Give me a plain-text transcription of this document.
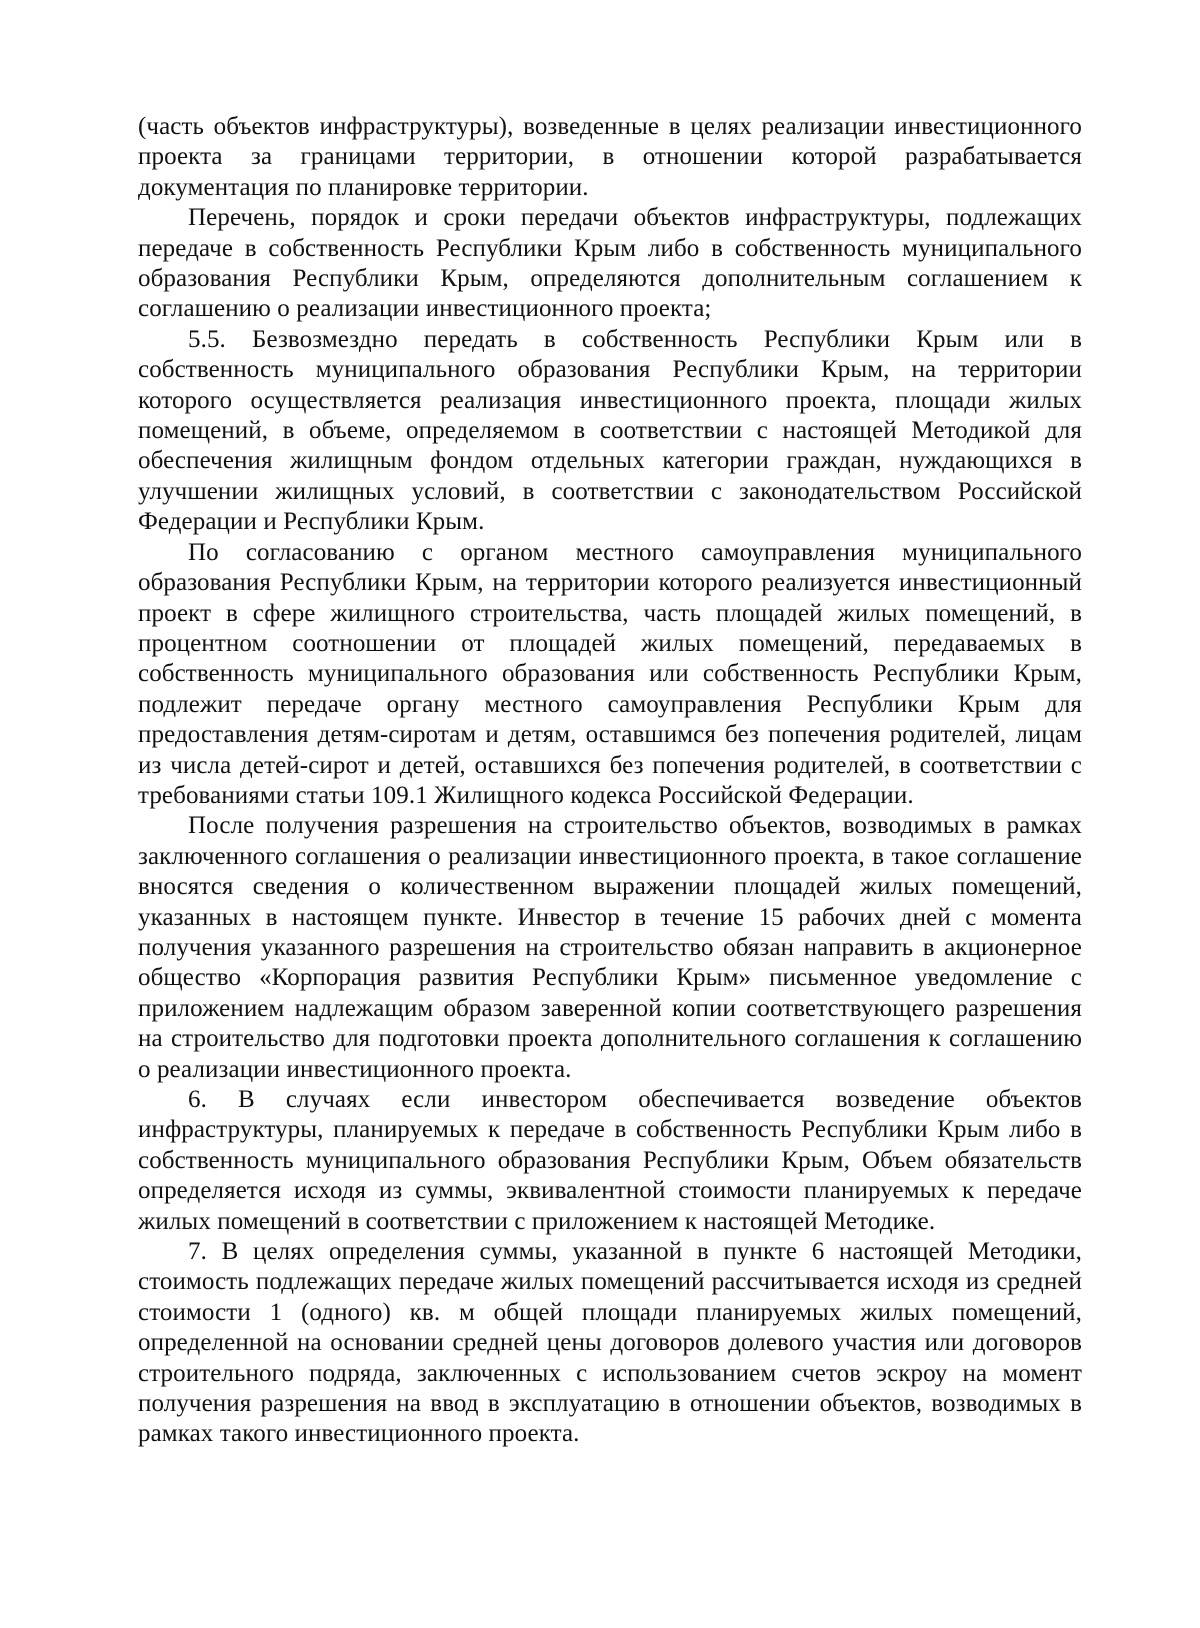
(часть объектов инфраструктуры), возведенные в целях реализации инвестиционного проекта за границами территории, в отношении которой разрабатывается документация по планировке территории.

Перечень, порядок и сроки передачи объектов инфраструктуры, подлежащих передаче в собственность Республики Крым либо в собственность муниципального образования Республики Крым, определяются дополнительным соглашением к соглашению о реализации инвестиционного проекта;

5.5. Безвозмездно передать в собственность Республики Крым или в собственность муниципального образования Республики Крым, на территории которого осуществляется реализация инвестиционного проекта, площади жилых помещений, в объеме, определяемом в соответствии с настоящей Методикой для обеспечения жилищным фондом отдельных категории граждан, нуждающихся в улучшении жилищных условий, в соответствии с законодательством Российской Федерации и Республики Крым.

По согласованию с органом местного самоуправления муниципального образования Республики Крым, на территории которого реализуется инвестиционный проект в сфере жилищного строительства, часть площадей жилых помещений, в процентном соотношении от площадей жилых помещений, передаваемых в собственность муниципального образования или собственность Республики Крым, подлежит передаче органу местного самоуправления Республики Крым для предоставления детям-сиротам и детям, оставшимся без попечения родителей, лицам из числа детей-сирот и детей, оставшихся без попечения родителей, в соответствии с требованиями статьи 109.1 Жилищного кодекса Российской Федерации.

После получения разрешения на строительство объектов, возводимых в рамках заключенного соглашения о реализации инвестиционного проекта, в такое соглашение вносятся сведения о количественном выражении площадей жилых помещений, указанных в настоящем пункте. Инвестор в течение 15 рабочих дней с момента получения указанного разрешения на строительство обязан направить в акционерное общество «Корпорация развития Республики Крым» письменное уведомление с приложением надлежащим образом заверенной копии соответствующего разрешения на строительство для подготовки проекта дополнительного соглашения к соглашению о реализации инвестиционного проекта.

6. В случаях если инвестором обеспечивается возведение объектов инфраструктуры, планируемых к передаче в собственность Республики Крым либо в собственность муниципального образования Республики Крым, Объем обязательств определяется исходя из суммы, эквивалентной стоимости планируемых к передаче жилых помещений в соответствии с приложением к настоящей Методике.

7. В целях определения суммы, указанной в пункте 6 настоящей Методики, стоимость подлежащих передаче жилых помещений рассчитывается исходя из средней стоимости 1 (одного) кв. м общей площади планируемых жилых помещений, определенной на основании средней цены договоров долевого участия или договоров строительного подряда, заключенных с использованием счетов эскроу на момент получения разрешения на ввод в эксплуатацию в отношении объектов, возводимых в рамках такого инвестиционного проекта.
